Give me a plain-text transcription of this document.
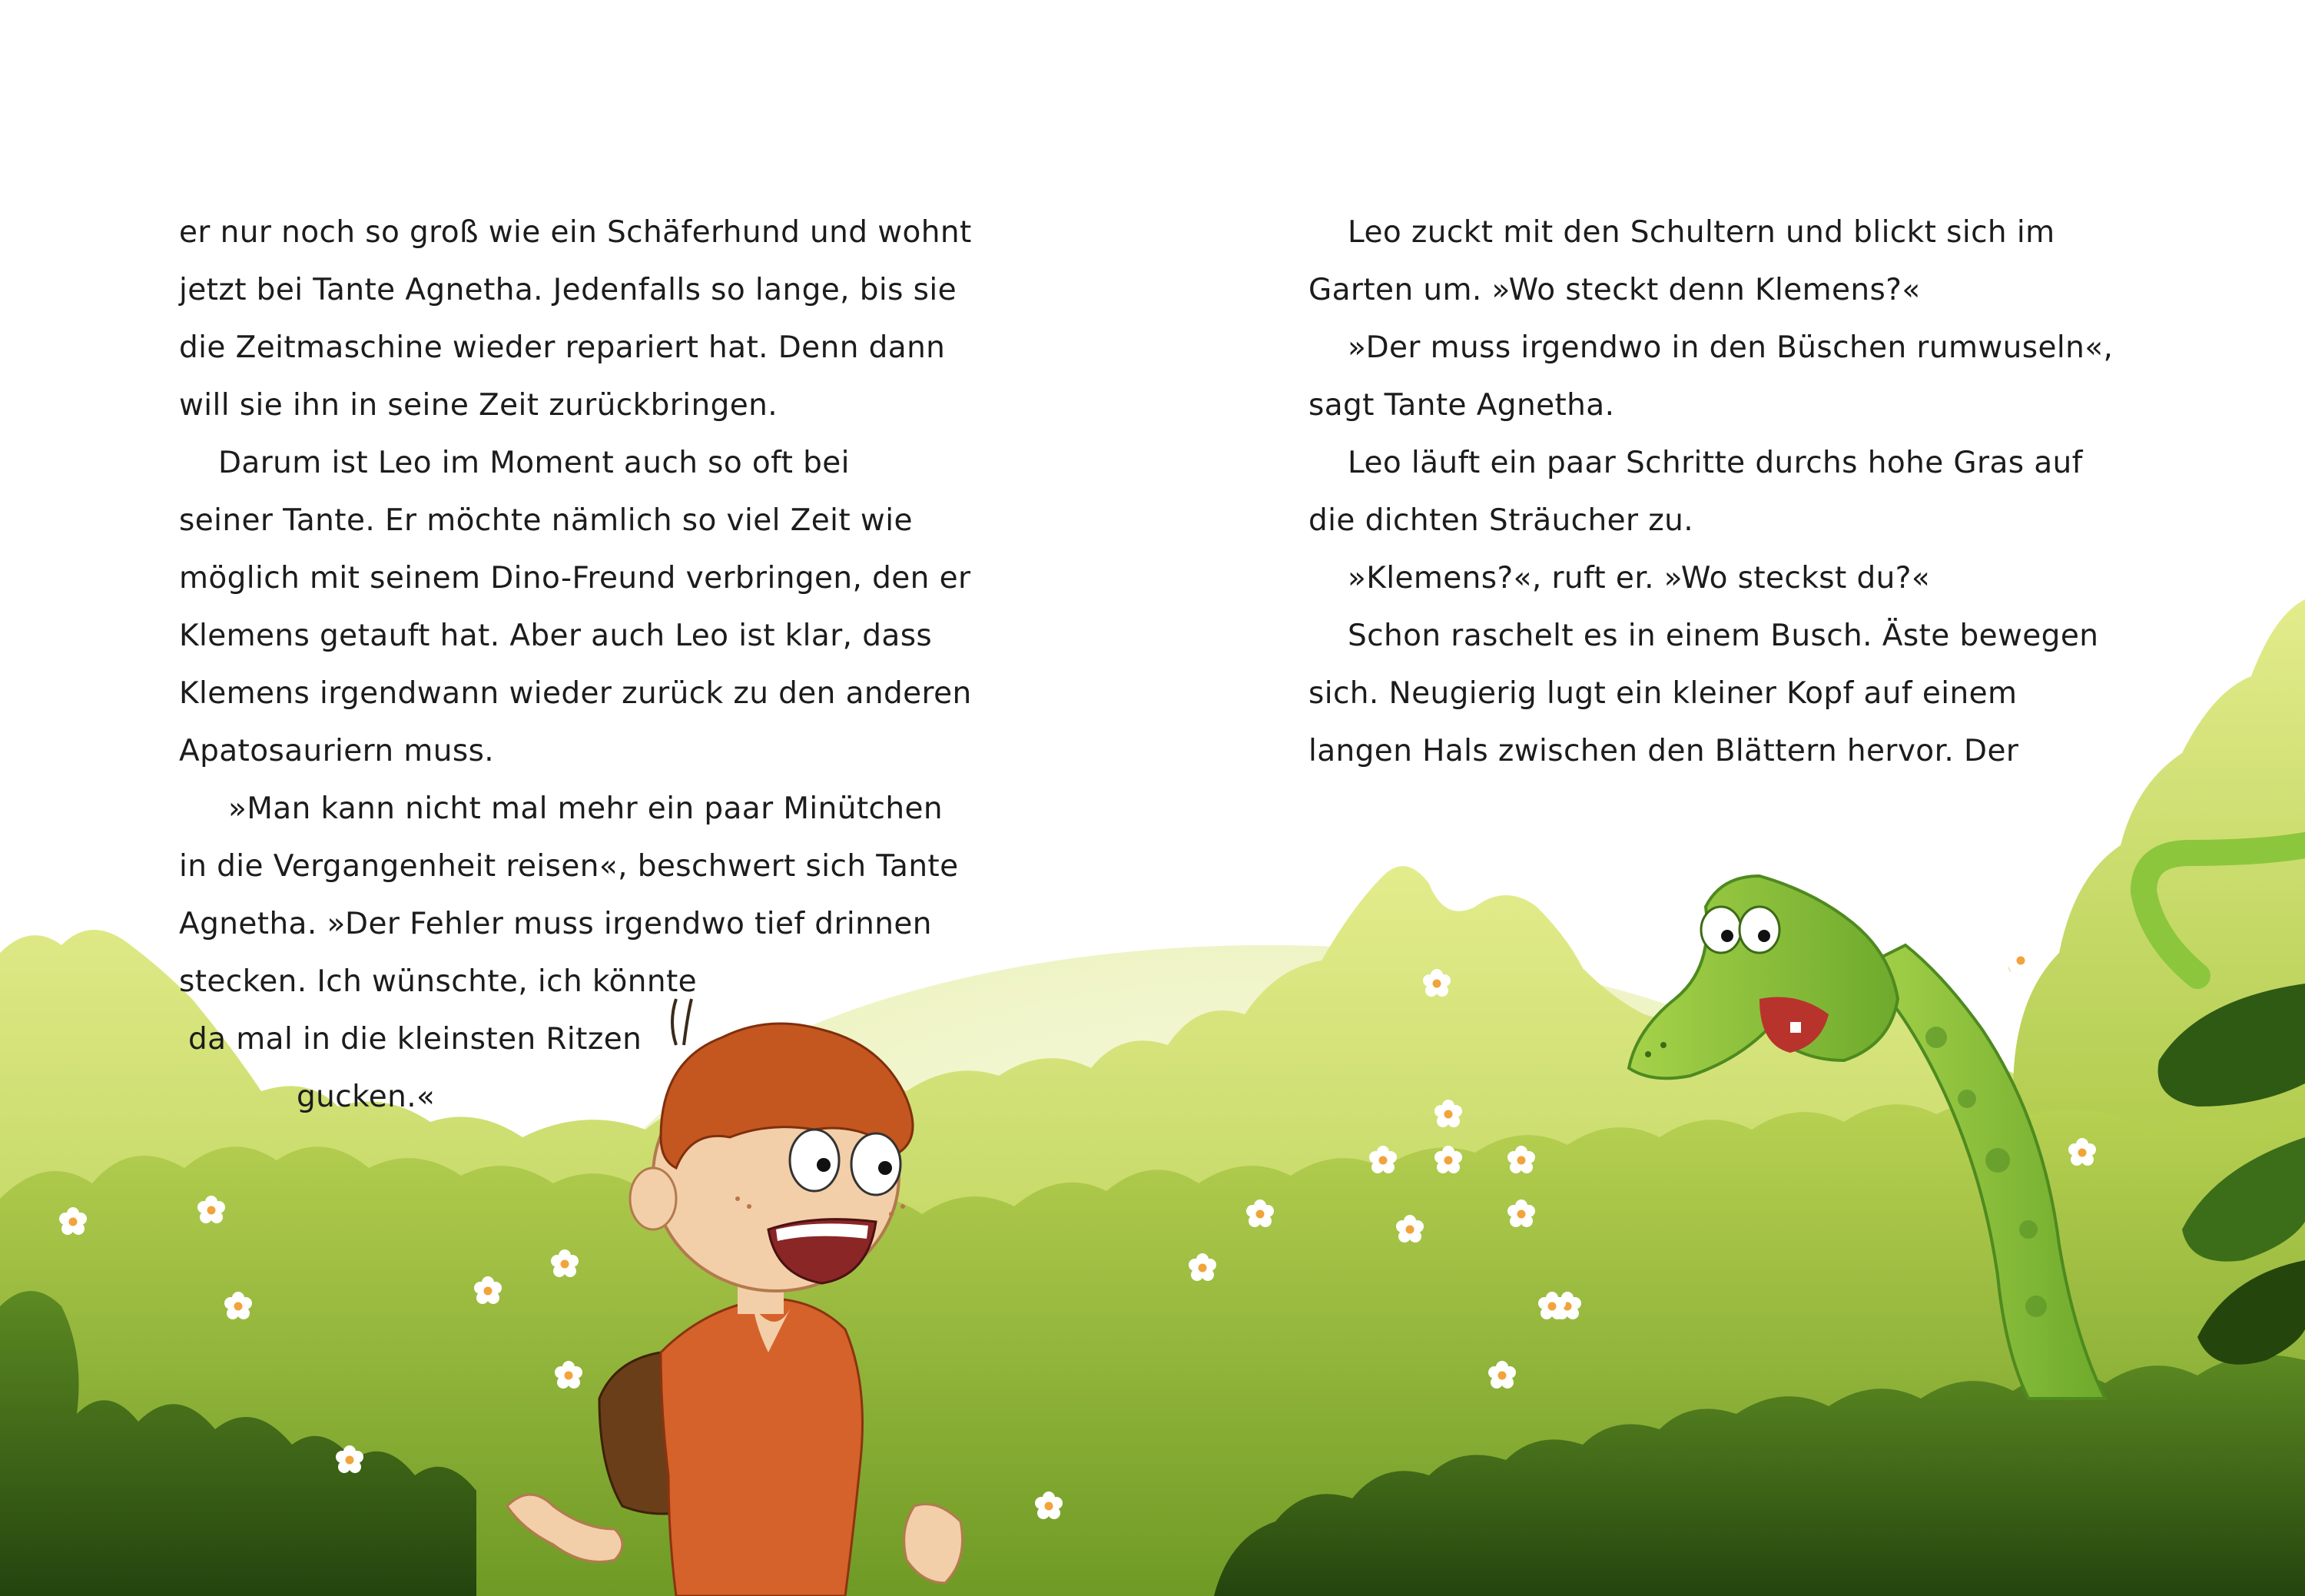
er nur noch so groß wie ein Schäferhund und wohnt

jetzt bei Tante Agnetha. Jedenfalls so lange, bis sie

die Zeitmaschine wieder repariert hat. Denn dann

will sie ihn in seine Zeit zurückbringen.

Darum ist Leo im Moment auch so oft bei

seiner Tante. Er möchte nämlich so viel Zeit wie

möglich mit seinem Dino-Freund verbringen, den er

Klemens getauft hat. Aber auch Leo ist klar, dass

Klemens irgendwann wieder zurück zu den anderen

Apatosauriern muss.

»Man kann nicht mal mehr ein paar Minütchen

in die Vergangenheit reisen«, beschwert sich Tante

Agnetha. »Der Fehler muss irgendwo tief drinnen

stecken. Ich wünschte, ich könnte

da mal in die kleinsten Ritzen

gucken.«

Leo zuckt mit den Schultern und blickt sich im

Garten um. »Wo steckt denn Klemens?«

»Der muss irgendwo in den Büschen rumwuseln«,

sagt Tante Agnetha.

Leo läuft ein paar Schritte durchs hohe Gras auf

die dichten Sträucher zu.

»Klemens?«, ruft er. »Wo steckst du?«

Schon raschelt es in einem Busch. Äste bewegen

sich. Neugierig lugt ein kleiner Kopf auf einem

langen Hals zwischen den Blättern hervor. Der
